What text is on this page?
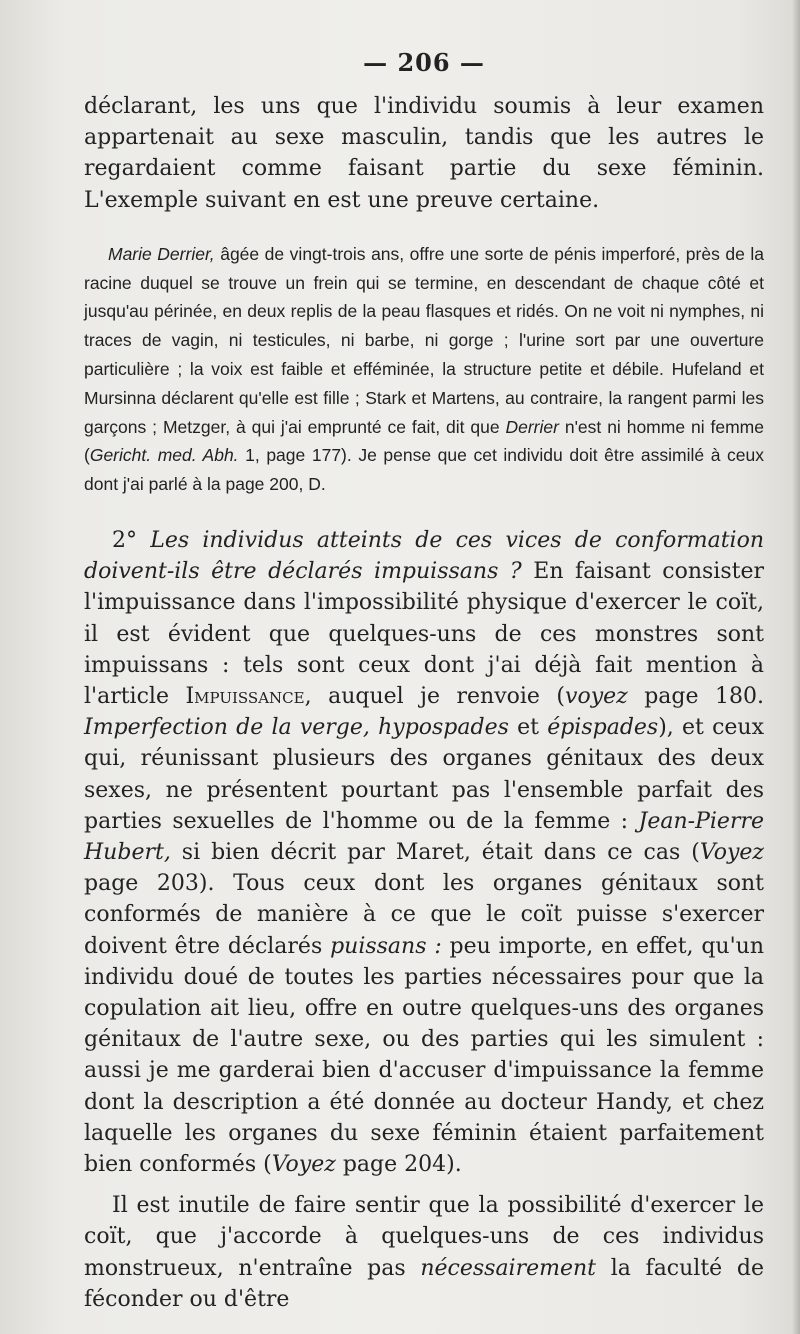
— 206 —

déclarant, les uns que l'individu soumis à leur examen appartenait au sexe masculin, tandis que les autres le regardaient comme faisant partie du sexe féminin. L'exemple suivant en est une preuve certaine.

Marie Derrier, âgée de vingt-trois ans, offre une sorte de pénis imperforé, près de la racine duquel se trouve un frein qui se termine, en descendant de chaque côté et jusqu'au périnée, en deux replis de la peau flasques et ridés. On ne voit ni nymphes, ni traces de vagin, ni testicules, ni barbe, ni gorge ; l'urine sort par une ouverture particulière ; la voix est faible et efféminée, la structure petite et débile. Hufeland et Mursinna déclarent qu'elle est fille ; Stark et Martens, au contraire, la rangent parmi les garçons ; Metzger, à qui j'ai emprunté ce fait, dit que Derrier n'est ni homme ni femme (Gericht. med. Abh. 1, page 177). Je pense que cet individu doit être assimilé à ceux dont j'ai parlé à la page 200, D.

2° Les individus atteints de ces vices de conformation doivent-ils être déclarés impuissans ? En faisant consister l'impuissance dans l'impossibilité physique d'exercer le coït, il est évident que quelques-uns de ces monstres sont impuissans : tels sont ceux dont j'ai déjà fait mention à l'article Impuissance, auquel je renvoie (voyez page 180. Imperfection de la verge, hypospades et épispades), et ceux qui, réunissant plusieurs des organes génitaux des deux sexes, ne présentent pourtant pas l'ensemble parfait des parties sexuelles de l'homme ou de la femme : Jean-Pierre Hubert, si bien décrit par Maret, était dans ce cas (Voyez page 203). Tous ceux dont les organes génitaux sont conformés de manière à ce que le coït puisse s'exercer doivent être déclarés puissans : peu importe, en effet, qu'un individu doué de toutes les parties nécessaires pour que la copulation ait lieu, offre en outre quelques-uns des organes génitaux de l'autre sexe, ou des parties qui les simulent : aussi je me garderai bien d'accuser d'impuissance la femme dont la description a été donnée au docteur Handy, et chez laquelle les organes du sexe féminin étaient parfaitement bien conformés (Voyez page 204).

Il est inutile de faire sentir que la possibilité d'exercer le coït, que j'accorde à quelques-uns de ces individus monstrueux, n'entraîne pas nécessairement la faculté de féconder ou d'être
